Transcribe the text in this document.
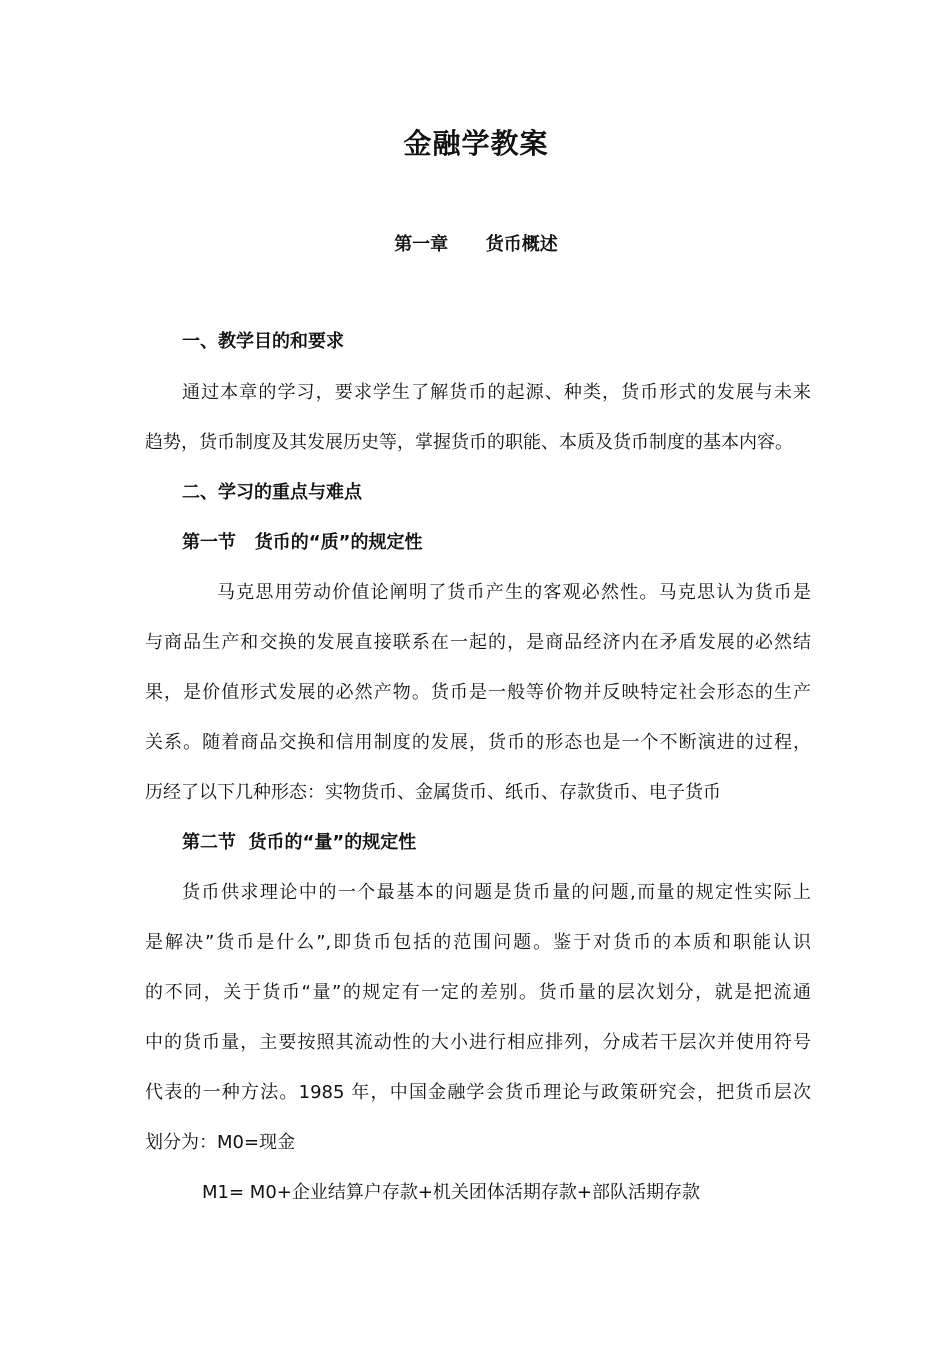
金融学教案
第一章      货币概述
一、教学目的和要求
通过本章的学习，要求学生了解货币的起源、种类，货币形式的发展与未来
趋势，货币制度及其发展历史等，掌握货币的职能、本质及货币制度的基本内容。
二、学习的重点与难点
第一节   货币的“质”的规定性
马克思用劳动价值论阐明了货币产生的客观必然性。马克思认为货币是
与商品生产和交换的发展直接联系在一起的，是商品经济内在矛盾发展的必然结
果，是价值形式发展的必然产物。货币是一般等价物并反映特定社会形态的生产
关系。随着商品交换和信用制度的发展，货币的形态也是一个不断演进的过程，
历经了以下几种形态：实物货币、金属货币、纸币、存款货币、电子货币
第二节  货币的“量”的规定性
货币供求理论中的一个最基本的问题是货币量的问题,而量的规定性实际上
是解决”货币是什么”,即货币包括的范围问题。鉴于对货币的本质和职能认识
的不同，关于货币“量”的规定有一定的差别。货币量的层次划分，就是把流通
中的货币量，主要按照其流动性的大小进行相应排列，分成若干层次并使用符号
代表的一种方法。1985 年，中国金融学会货币理论与政策研究会，把货币层次
划分为：M0=现金
M1= M0+企业结算户存款+机关团体活期存款+部队活期存款
